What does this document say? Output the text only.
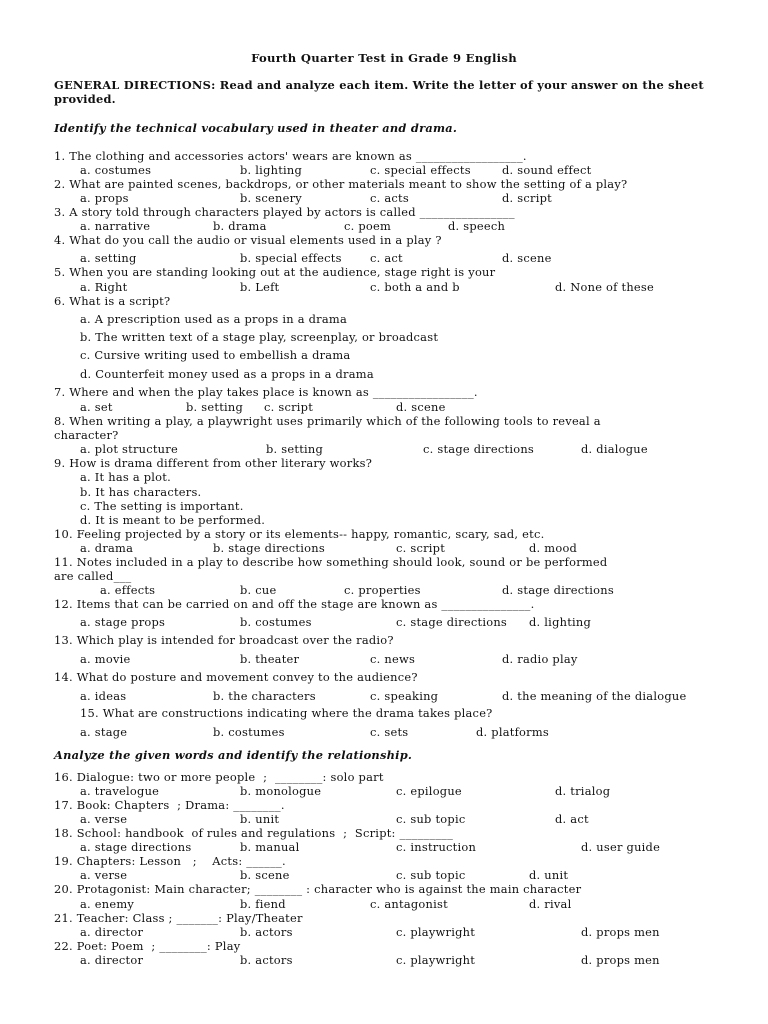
Fourth Quarter Test in Grade 9 English
GENERAL DIRECTIONS: Read and analyze each item. Write the letter of your answer on the sheet provided.
Identify the technical vocabulary used in theater and drama.
Analyze the given words and identify the relationship.
1. The clothing and accessories actors' wears are known as __________________.
a. costumes	b. lighting	c. special effects	d. sound effect
2. What are painted scenes, backdrops, or other materials meant to show the setting of a play?
a. props	b. scenery	c. acts	d. script
3. A story told through characters played by actors is called ________________
a. narrative	b. drama	c. poem	d. speech
4. What do you call the audio or visual elements used in a play ?
a. setting	b. special effects c. act	d. scene
5. When you are standing looking out at the audience, stage right is your
a. Right	b. Left	c. both a and b	d. None of these
6. What is a script?
a. A prescription used as a props in a drama
b. The written text of a stage play, screenplay, or broadcast
c. Cursive writing used to embellish a drama
d. Counterfeit money used as a props in a drama
7. Where and when the play takes place is known as _________________.
a. set	b. setting c. script	d. scene
8. When writing a play, a playwright uses primarily which of the following tools to reveal a
character?
a. plot structure	b. setting	c. stage directions	d. dialogue
9. How is drama different from other literary works?
a. It has a plot.
b. It has characters.
c. The setting is important.
d. It is meant to be performed.
10. Feeling projected by a story or its elements-- happy, romantic, scary, sad, etc.
a. drama	b. stage directions	c. script	d. mood
11. Notes included in a play to describe how something should look, sound or be performed
are called___
a. effects	b. cue	c. properties	d. stage directions
12. Items that can be carried on and off the stage are known as _______________.
a. stage props	b. costumes	c. stage directions d. lighting
13. Which play is intended for broadcast over the radio?
a. movie	b. theater	c. news	d. radio play
14. What do posture and movement convey to the audience?
a. ideas	b. the characters	c. speaking	d. the meaning of the dialogue
15. What are constructions indicating where the drama takes place?
a. stage	b. costumes	c. sets	d. platforms
16. Dialogue: two or more people  ;  ________: solo part
a. travelogue	b. monologue	c. epilogue	d. trialog
17. Book: Chapters  ; Drama: ________.
a. verse	b. unit	c. sub topic	d. act
18. School: handbook  of rules and regulations  ;  Script: _________
a. stage directions	b. manual	c. instruction	d. user guide
19. Chapters: Lesson   ;    Acts: ______.
a. verse	b. scene	c. sub topic	d. unit
20. Protagonist: Main character; ________ : character who is against the main character
a. enemy	b. fiend	c. antagonist	d. rival
21. Teacher: Class ; _______: Play/Theater
a. director	b. actors	c. playwright	d. props men
22. Poet: Poem  ; ________: Play
a. director	b. actors	c. playwright	d. props men
